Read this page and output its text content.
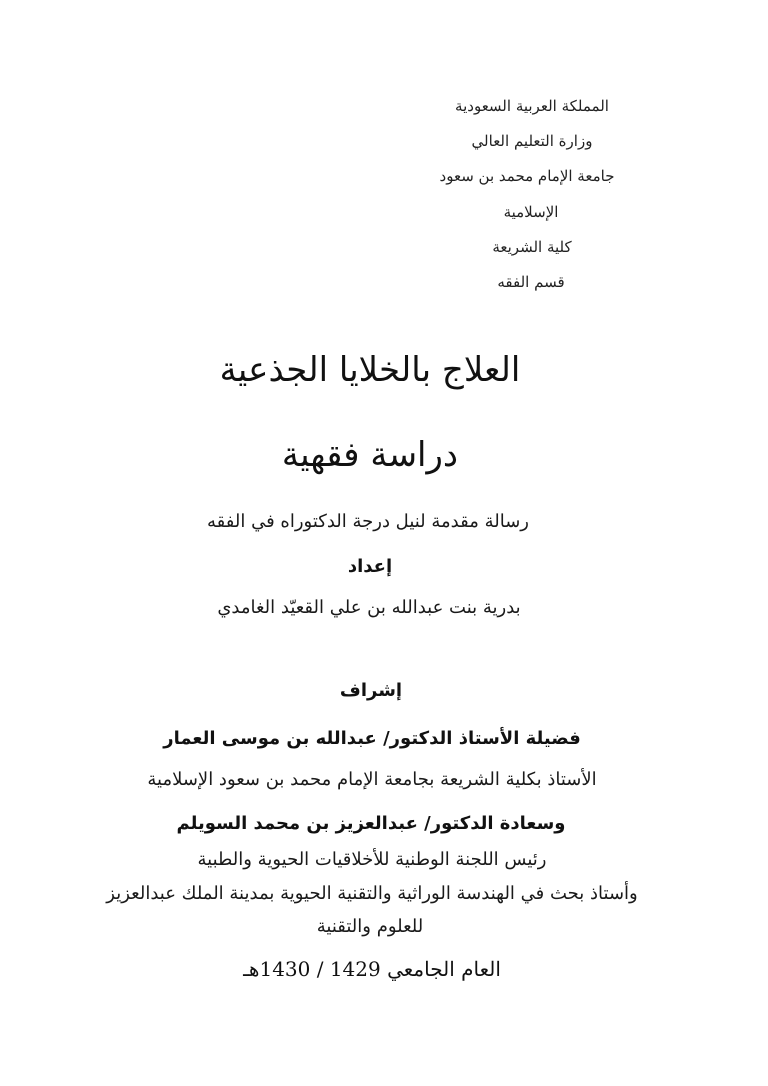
المملكة العربية السعودية
وزارة التعليم العالي
جامعة الإمام محمد بن سعود
الإسلامية
كلية الشريعة
قسم الفقه
العلاج بالخلايا الجذعية
دراسة فقهية
رسالة مقدمة لنيل درجة الدكتوراه في الفقه
إعداد
بدرية بنت عبدالله بن علي القعيّد الغامدي
إشراف
فضيلة الأستاذ الدكتور/ عبدالله بن موسى العمار
الأستاذ بكلية الشريعة بجامعة الإمام محمد بن سعود الإسلامية
وسعادة الدكتور/ عبدالعزيز بن محمد السويلم
رئيس اللجنة الوطنية للأخلاقيات الحيوية والطبية
وأستاذ بحث في الهندسة الوراثية والتقنية الحيوية بمدينة الملك عبدالعزيز
للعلوم والتقنية
العام الجامعي 1429 / 1430هـ
